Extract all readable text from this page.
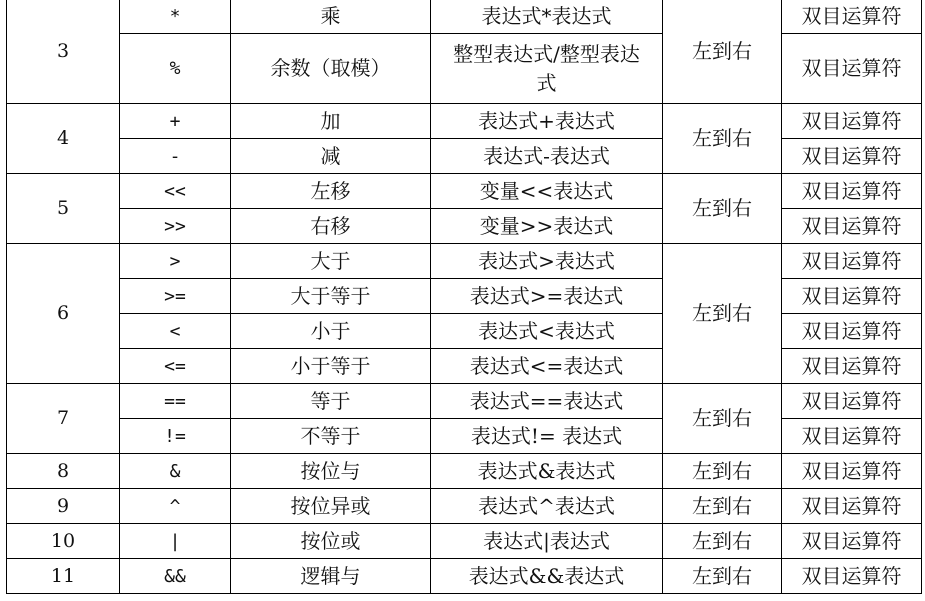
3	*	乘	表达式*表达式	左到右	双目运算符
	%	余数（取模）	整型表达式/整型表达式		双目运算符
4	+	加	表达式+表达式	左到右	双目运算符
	-	减	表达式-表达式		双目运算符
5	<<	左移	变量<<表达式	左到右	双目运算符
	>>	右移	变量>>表达式		双目运算符
6	>	大于	表达式>表达式	左到右	双目运算符
	>=	大于等于	表达式>=表达式		双目运算符
	<	小于	表达式<表达式		双目运算符
	<=	小于等于	表达式<=表达式		双目运算符
7	==	等于	表达式==表达式	左到右	双目运算符
	!=	不等于	表达式!= 表达式		双目运算符
8	&	按位与	表达式&表达式	左到右	双目运算符
9	^	按位异或	表达式^表达式	左到右	双目运算符
10	|	按位或	表达式|表达式	左到右	双目运算符
11	&&	逻辑与	表达式&&表达式	左到右	双目运算符
